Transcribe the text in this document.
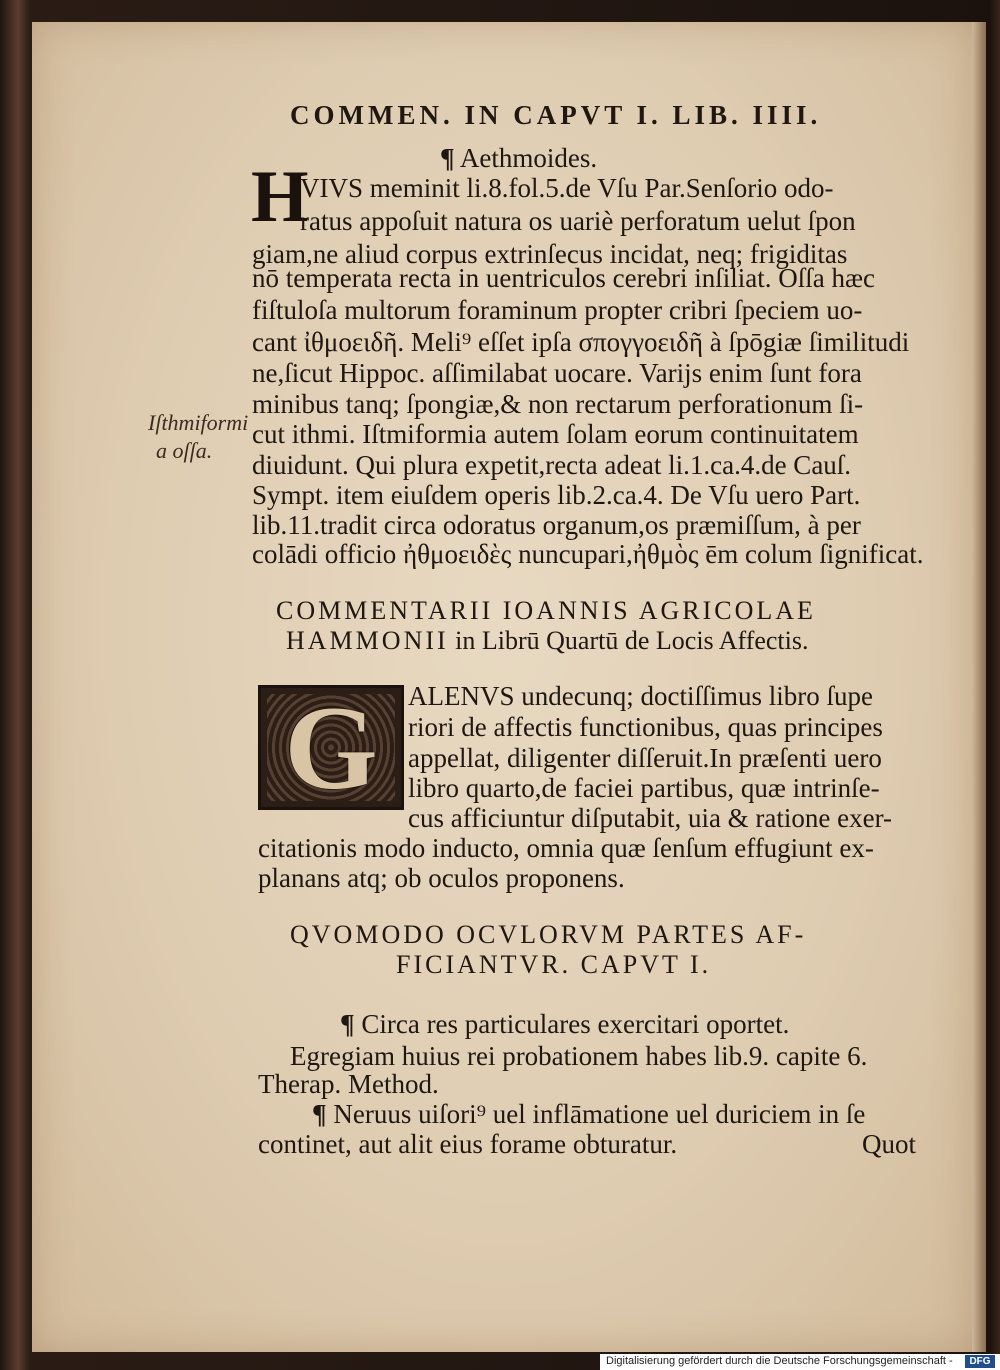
COMMEN. IN CAPVT I. LIB. IIII.
¶ Aethmoides.
H
VIVS meminit li.8.fol.5.de Vſu Par.Senſorio odo-
ratus appoſuit natura os uariè perforatum uelut ſpon
giam,ne aliud corpus extrinſecus incidat, neq; frigiditas
nō temperata recta in uentriculos cerebri inſiliat. Oſſa hæc
fiſtuloſa multorum foraminum propter cribri ſpeciem uo-
cant ἰθμοειδῆ. Meli⁹ eſſet ipſa σπογγοειδῆ à ſpōgiæ ſimilitudi
ne,ſicut Hippoc. aſſimilabat uocare. Varijs enim ſunt fora
minibus tanq; ſpongiæ,& non rectarum perforationum ſi-
cut ithmi. Iſtmiformia autem ſolam eorum continuitatem
diuidunt. Qui plura expetit,recta adeat li.1.ca.4.de Cauſ.
Sympt. item eiuſdem operis lib.2.ca.4. De Vſu uero Part.
lib.11.tradit circa odoratus organum,os præmiſſum, à per
colādi officio ἠθμοειδὲς nuncupari,ἠθμὸς ēm colum ſignificat.
Iſthmiformi
a oſſa.
COMMENTARII IOANNIS AGRICOLAE
HAMMONII in Librū Quartū de Locis Affectis.
G	ALENVS undecunq; doctiſſimus libro ſupe
riori de affectis functionibus, quas principes
appellat, diligenter diſſeruit.In præſenti uero
libro quarto,de faciei partibus, quæ intrinſe-
cus afficiuntur diſputabit, uia & ratione exer-
citationis modo inducto, omnia quæ ſenſum effugiunt ex-
planans atq; ob oculos proponens.
QVOMODO OCVLORVM PARTES AF-
FICIANTVR. CAPVT I.
¶ Circa res particulares exercitari oportet.
Egregiam huius rei probationem habes lib.9. capite 6.
Therap. Method.
¶ Neruus uiſori⁹ uel inflāmatione uel duriciem in ſe
continet, aut alit eius forame obturatur.	Quot
Digitalisierung gefördert durch die Deutsche Forschungsgemeinschaft -	DFG
